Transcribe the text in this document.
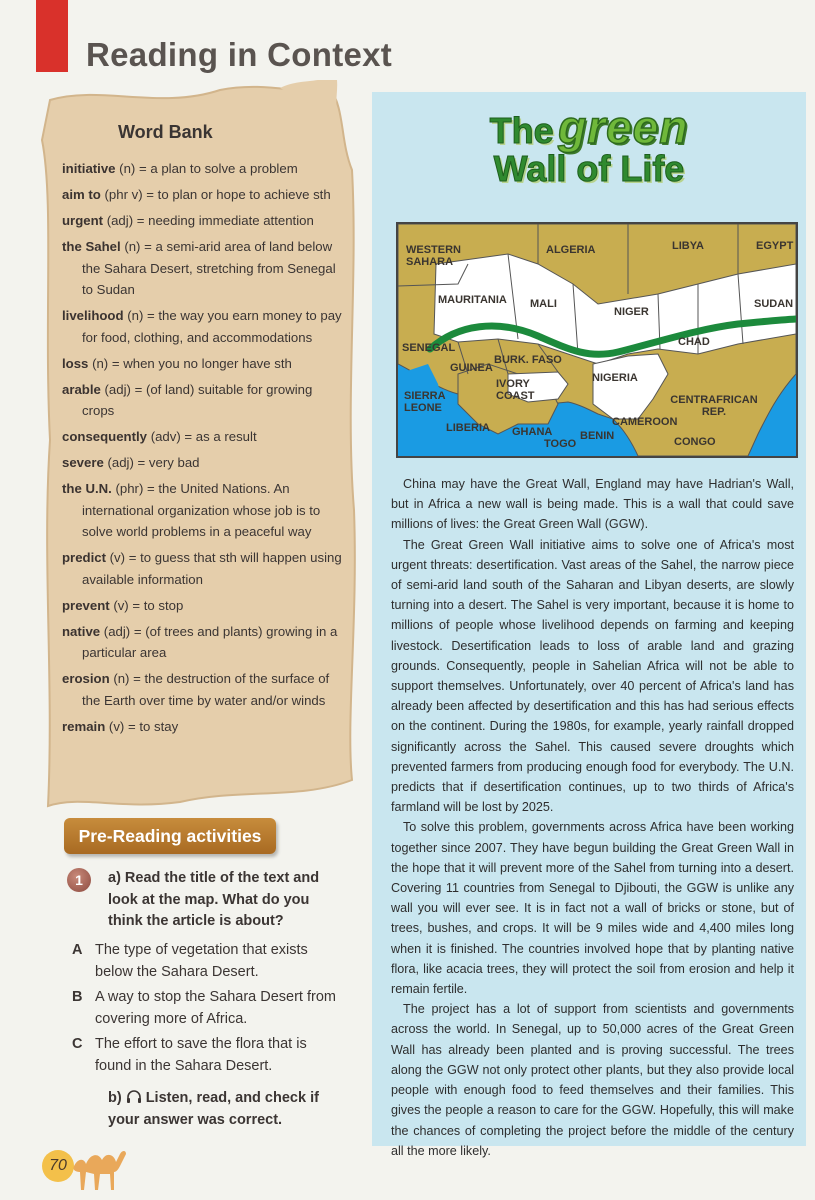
Reading in Context
Word Bank

initiative (n) = a plan to solve a problem

aim to (phr v) = to plan or hope to achieve sth

urgent (adj) = needing immediate attention

the Sahel (n) = a semi-arid area of land below the Sahara Desert, stretching from Senegal to Sudan

livelihood (n) = the way you earn money to pay for food, clothing, and accommodations

loss (n) = when you no longer have sth

arable (adj) = (of land) suitable for growing crops

consequently (adv) = as a result

severe (adj) = very bad

the U.N. (phr) = the United Nations. An international organization whose job is to solve world problems in a peaceful way

predict (v) = to guess that sth will happen using available information

prevent (v) = to stop

native (adj) = (of trees and plants) growing in a particular area

erosion (n) = the destruction of the surface of the Earth over time by water and/or winds

remain (v) = to stay

Pre-Reading activities
1	a) Read the title of the text and look at the map. What do you think the article is about?

A The type of vegetation that exists below the Sahara Desert.
B A way to stop the Sahara Desert from covering more of Africa.
C The effort to save the flora that is found in the Sahara Desert.

b) Listen, read, and check if your answer was correct.

70
The green
Wall of Life
WESTERN SAHARA
ALGERIA	LIBYA	EGYPT
MAURITANIA MALI
NIGER
SUDAN
SENEGAL
GUINEA
BURK. FASO
CHAD
NIGERIA
IVORY COAST
SIERRA LEONE
LIBERIA GHANA
TOGO
BENIN
CAMEROON
CENTRAFRICAN REP.
CONGO

China may have the Great Wall, England may have Hadrian's Wall, but in Africa a new wall is being made. This is a wall that could save millions of lives: the Great Green Wall (GGW).

The Great Green Wall initiative aims to solve one of Africa's most urgent threats: desertification. Vast areas of the Sahel, the narrow piece of semi-arid land south of the Saharan and Libyan deserts, are slowly turning into a desert. The Sahel is very important, because it is home to millions of people whose livelihood depends on farming and keeping livestock. Desertification leads to loss of arable land and grazing grounds. Consequently, people in Sahelian Africa will not be able to support themselves. Unfortunately, over 40 percent of Africa's land has already been affected by desertification and this has had serious effects on the continent. During the 1980s, for example, yearly rainfall dropped significantly across the Sahel. This caused severe droughts which prevented farmers from producing enough food for everybody. The U.N. predicts that if desertification continues, up to two thirds of Africa's farmland will be lost by 2025.

To solve this problem, governments across Africa have been working together since 2007. They have begun building the Great Green Wall in the hope that it will prevent more of the Sahel from turning into a desert. Covering 11 countries from Senegal to Djibouti, the GGW is unlike any wall you will ever see. It is in fact not a wall of bricks or stone, but of trees, bushes, and crops. It will be 9 miles wide and 4,400 miles long when it is finished. The countries involved hope that by planting native flora, like acacia trees, they will protect the soil from erosion and help it remain fertile.

The project has a lot of support from scientists and governments across the world. In Senegal, up to 50,000 acres of the Great Green Wall has already been planted and is proving successful. The trees along the GGW not only protect other plants, but they also provide local people with enough food to feed themselves and their families. This gives the people a reason to care for the GGW. Hopefully, this will make the chances of completing the project before the middle of the century all the more likely.
